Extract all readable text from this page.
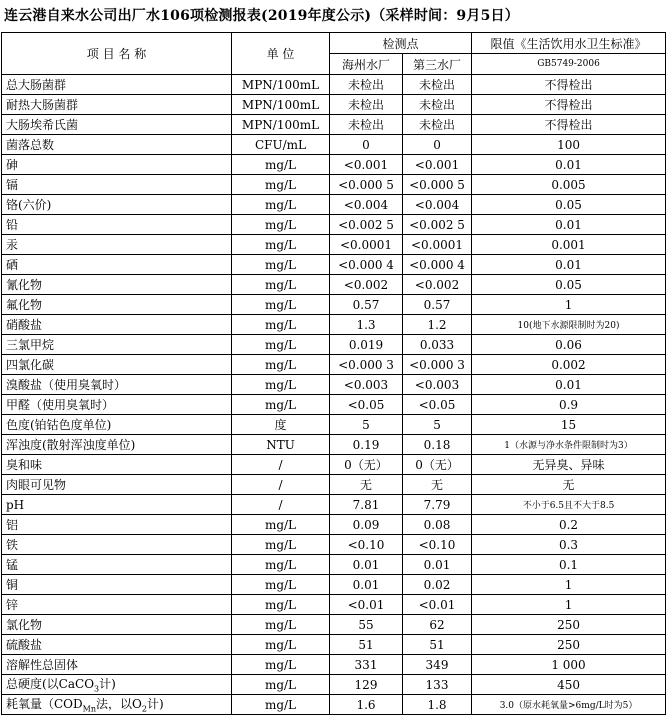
连云港自来水公司出厂水106项检测报表(2019年度公示)（采样时间：9月5日）
项 目 名 称	单 位	检测点		限值《生活饮用水卫生标准》
		海州水厂	第三水厂	GB5749-2006
总大肠菌群	MPN/100mL	未检出	未检出	不得检出
耐热大肠菌群	MPN/100mL	未检出	未检出	不得检出
大肠埃希氏菌	MPN/100mL	未检出	未检出	不得检出
菌落总数	CFU/mL	0	0	100
砷	mg/L	<0.001	<0.001	0.01
镉	mg/L	<0.000 5	<0.000 5	0.005
铬(六价)	mg/L	<0.004	<0.004	0.05
铅	mg/L	<0.002 5	<0.002 5	0.01
汞	mg/L	<0.0001	<0.0001	0.001
硒	mg/L	<0.000 4	<0.000 4	0.01
氰化物	mg/L	<0.002	<0.002	0.05
氟化物	mg/L	0.57	0.57	1
硝酸盐	mg/L	1.3	1.2	10(地下水源限制时为20)
三氯甲烷	mg/L	0.019	0.033	0.06
四氯化碳	mg/L	<0.000 3	<0.000 3	0.002
溴酸盐（使用臭氧时）	mg/L	<0.003	<0.003	0.01
甲醛（使用臭氧时）	mg/L	<0.05	<0.05	0.9
色度(铂钴色度单位)	度	5	5	15
浑浊度(散射浑浊度单位)	NTU	0.19	0.18	1（水源与净水条件限制时为3）
臭和味	/	0（无）	0（无）	无异臭、异味
肉眼可见物	/	无	无	无
pH	/	7.81	7.79	不小于6.5且不大于8.5
铝	mg/L	0.09	0.08	0.2
铁	mg/L	<0.10	<0.10	0.3
锰	mg/L	0.01	0.01	0.1
铜	mg/L	0.01	0.02	1
锌	mg/L	<0.01	<0.01	1
氯化物	mg/L	55	62	250
硫酸盐	mg/L	51	51	250
溶解性总固体	mg/L	331	349	1 000
总硬度(以CaCO$_3$计)	mg/L	129	133	450
耗氧量（$COD_{Mn}$法，以$O_2$计)	mg/L	1.6	1.8	3.0（原水耗氧量>6mg/L时为5）
